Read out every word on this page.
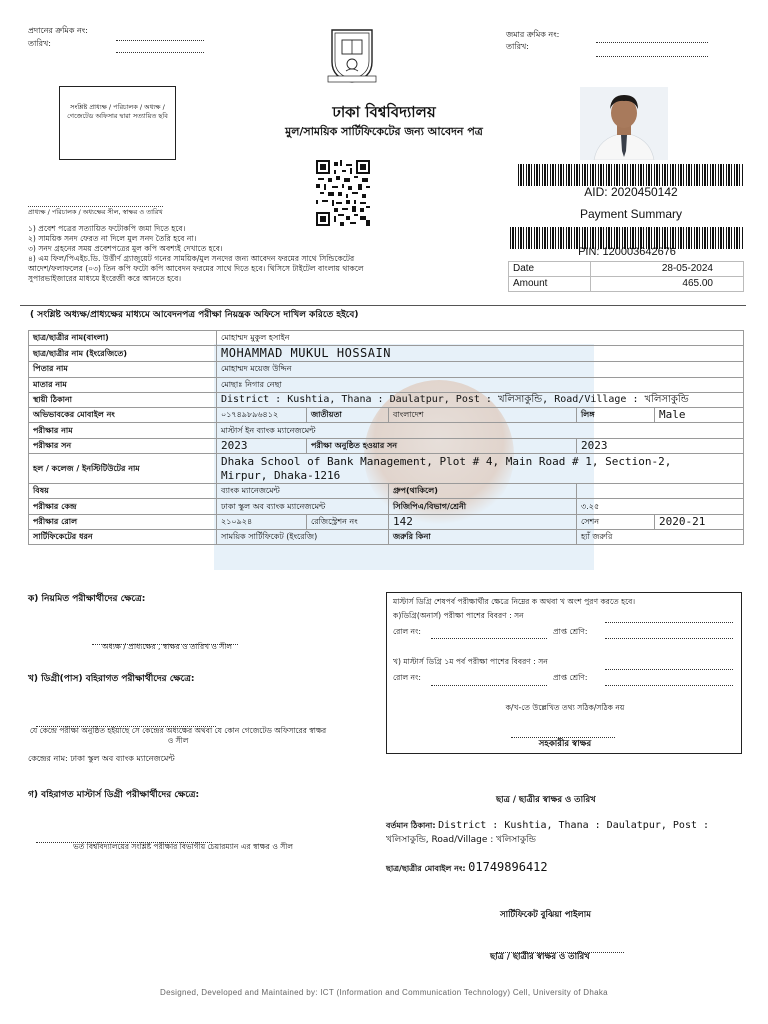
প্রদানের ক্রমিক নং:
তারিখ:
জমার ক্রমিক নং:
তারিখ:
ঢাকা বিশ্ববিদ্যালয়
মুল/সাময়িক সার্টিফিকেটের জন্য আবেদন পত্র
সংশ্লিষ্ট প্রাধ্যক্ষ / পরিচালক / অধ্যক্ষ / গেজেটেড অফিসার দ্বারা সত্যায়িত ছবি
প্রাধ্যক্ষ / পরিচালক / অধ্যক্ষের সীল, স্বাক্ষর ও তারিখ
AID: 2020450142
Payment Summary
PIN: 120003642676
Date	28-05-2024
Amount	465.00
১) প্রবেশ পত্রের সত্যায়িত ফটোকপি জমা দিতে হবে।
২) সাময়িক সনদ ফেরত না দিলে মুল সনদ তৈরি হবে না।
৩) সনদ গ্রহনের সময় প্রবেশপত্রের মুল কপি অবশ্যই দেখাতে হবে।
৪) এম ফিল/পিএইচ.ডি. উর্ত্তীর্ণ গ্র্যাজুয়েট গনের সাময়িক/মুল সনদের জন্য আবেদন ফরমের সাথে সিন্ডিকেটের
আদেশ/ফলাফলের (০৩) তিন কপি ফটো কপি আবেদন ফরমের সাথে দিতে হবে। থিসিসে টাইটেল বাংলায় থাকলে
সুপারভাইজারের মাধ্যমে ইংরেজী করে আনতে হবে।
( সংশ্লিষ্ট অধ্যক্ষ/প্রাধ্যক্ষের মাধ্যমে আবেদনপত্র পরীক্ষা নিয়ন্ত্রক অফিসে দাখিল করিতে হইবে)
ছাত্র/ছাত্রীর নাম(বাংলা)	মোহাম্মদ মুকুল হসাইন				
ছাত্র/ছাত্রীর নাম (ইংরেজিতে)	MOHAMMAD MUKUL HOSSAIN				
পিতার নাম	মোহাম্মদ ময়েজ উদ্দিন				
মাতার নাম	মোছাঃ নিগার নেছা				
স্থায়ী ঠিকানা	District : Kushtia, Thana : Daulatpur, Post : খলিসাকুন্ডি, Road/Village : খলিসাকুন্ডি				
অভিভাবকের মোবাইল নং	০১৭৪৯৮৯৬৪১২	জাতীয়তা	বাংলাদেশ	লিঙ্গ	Male
পরীক্ষার নাম	মাস্টার্স ইন ব্যাংক ম্যানেজমেন্ট				
পরীক্ষার সন	2023	পরীক্ষা অনুষ্ঠিত হওয়ার সন		2023	
হল / কলেজ / ইনস্টিটিউটের নাম	Dhaka School of Bank Management, Plot # 4, Main Road # 1, Section-2,
Mirpur, Dhaka-1216				

বিষয়	ব্যাংক ম্যানেজমেন্ট		গ্রুপ(থাকিলে)		
পরীক্ষার কেন্দ্র	ঢাকা স্কুল অব ব্যাংক ম্যানেজমেন্ট		সিজিপিএ/বিভাগ/শ্রেনী	৩.২৫	
পরীক্ষার রোল	২১০৯২৪	রেজিস্ট্রেশন নং	142	সেশন	2020-21
সার্টিফিকেটের ধরন	সাময়িক সার্টিফিকেট (ইংরেজি)		জরুরি কিনা	হ্যাঁ জরুরি	
ক) নিয়মিত পরীক্ষার্থীদের ক্ষেত্রে:
অধ্যক্ষ / প্রাধ্যক্ষের , স্বাক্ষর ও তারিখ ও সীল
খ) ডিগ্রী(পাস) বহিরাগত পরীক্ষার্থীদের ক্ষেত্রে:
যে কেন্দ্রে পরীক্ষা অনুষ্ঠিত হইয়াছে সে কেন্দ্রের অধ্যক্ষের অথবা যে কোন গেজেটেড অফিসারের স্বাক্ষর ও সীল
কেন্দ্রের নাম: ঢাকা স্কুল অব ব্যাংক ম্যানেজমেন্ট
গ) বহিরাগত মাস্টার্স ডিগ্রী পরীক্ষার্থীদের ক্ষেত্রে:
ভর্ত বিশ্ববিদ্যালয়ের সংশ্লিষ্ট পরীক্ষার বিভাগীয় চেয়ারম্যান এর স্বাক্ষর ও সীল
মাস্টার্স ডিগ্রি শেষপর্ব পরীক্ষার্থীর ক্ষেত্রে নিম্নের ক অথবা খ অংশ পুরণ করতে হবে।
ক)ডিগ্রি(অনার্স) পরীক্ষা পাশের বিবরণ : সন
রোল নং:	প্রাপ্ত শ্রেণি:
খ) মাস্টার্স ডিগ্রি ১ম পর্ব পরীক্ষা পাশের বিবরণ : সন
রোল নং:	প্রাপ্ত শ্রেণি:
ক/খ-তে উল্লেখিত তথ্য সঠিক/সঠিক নয়
সহকারীর স্বাক্ষর
ছাত্র / ছাত্রীর স্বাক্ষর ও তারিখ
বর্তমান ঠিকানা: District : Kushtia, Thana : Daulatpur, Post :
খলিসাকুন্ডি, Road/Village : খলিসাকুন্ডি
ছাত্র/ছাত্রীর মোবাইল নং: 01749896412
সার্টিফিকেট বুঝিয়া পাইলাম
ছাত্র / ছাত্রীর স্বাক্ষর ও তারিখ
Designed, Developed and Maintained by: ICT (Information and Communication Technology) Cell, University of Dhaka
